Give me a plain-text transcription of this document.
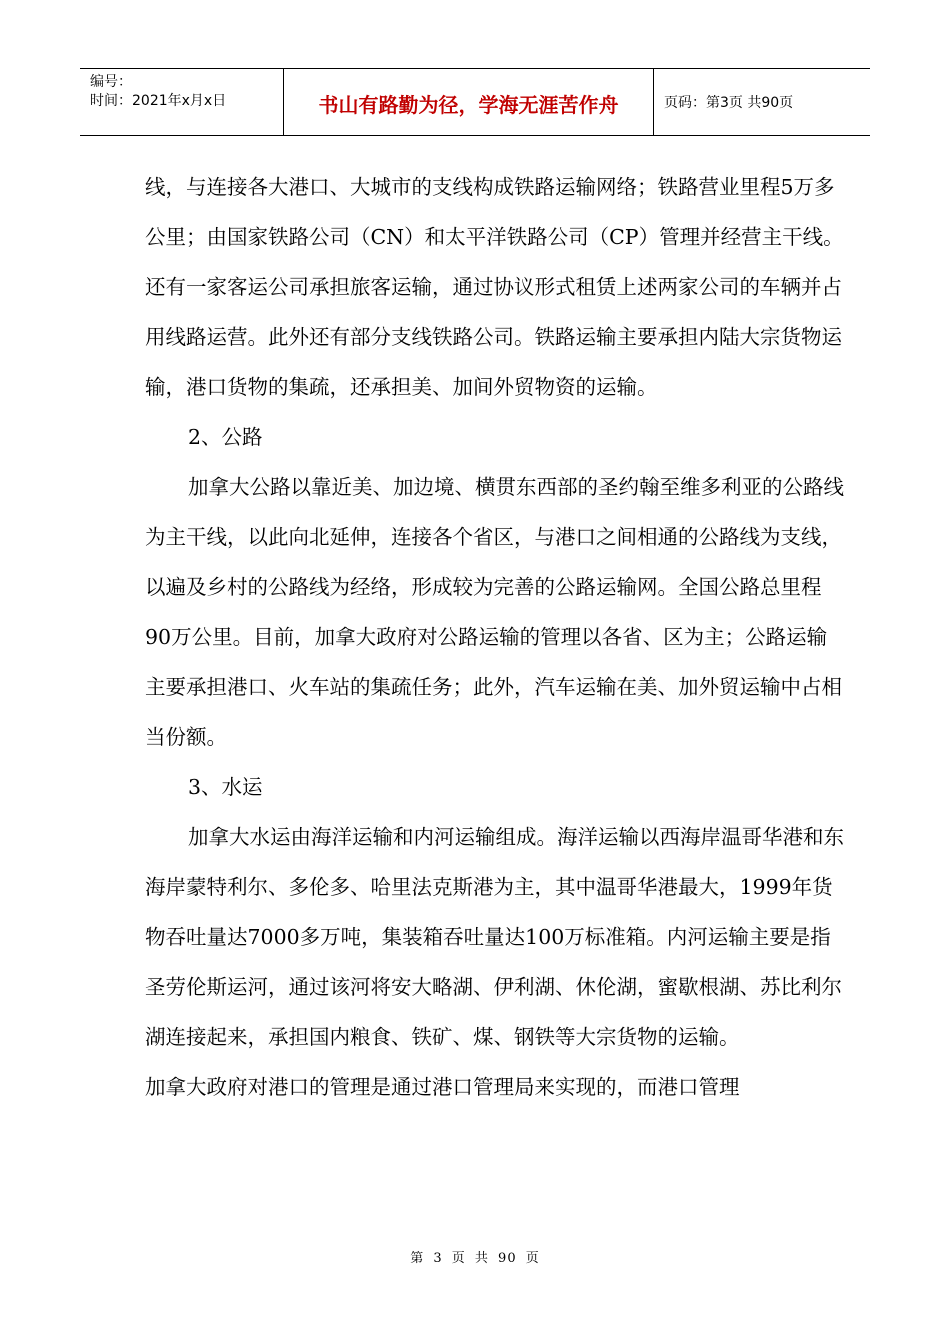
编号：
时间：2021年x月x日	书山有路勤为径，学海无涯苦作舟	页码：第3页 共90页

线，与连接各大港口、大城市的支线构成铁路运输网络；铁路营业里程5万多公里；由国家铁路公司（CN）和太平洋铁路公司（CP）管理并经营主干线。还有一家客运公司承担旅客运输，通过协议形式租赁上述两家公司的车辆并占用线路运营。此外还有部分支线铁路公司。铁路运输主要承担内陆大宗货物运输，港口货物的集疏，还承担美、加间外贸物资的运输。

2、公路

加拿大公路以靠近美、加边境、横贯东西部的圣约翰至维多利亚的公路线为主干线，以此向北延伸，连接各个省区，与港口之间相通的公路线为支线，以遍及乡村的公路线为经络，形成较为完善的公路运输网。全国公路总里程90万公里。目前，加拿大政府对公路运输的管理以各省、区为主；公路运输主要承担港口、火车站的集疏任务；此外，汽车运输在美、加外贸运输中占相当份额。

3、水运

加拿大水运由海洋运输和内河运输组成。海洋运输以西海岸温哥华港和东海岸蒙特利尔、多伦多、哈里法克斯港为主，其中温哥华港最大，1999年货物吞吐量达7000多万吨，集装箱吞吐量达100万标准箱。内河运输主要是指圣劳伦斯运河，通过该河将安大略湖、伊利湖、休伦湖，蜜歇根湖、苏比利尔湖连接起来，承担国内粮食、铁矿、煤、钢铁等大宗货物的运输。

加拿大政府对港口的管理是通过港口管理局来实现的，而港口管理

第 3 页 共 90 页
